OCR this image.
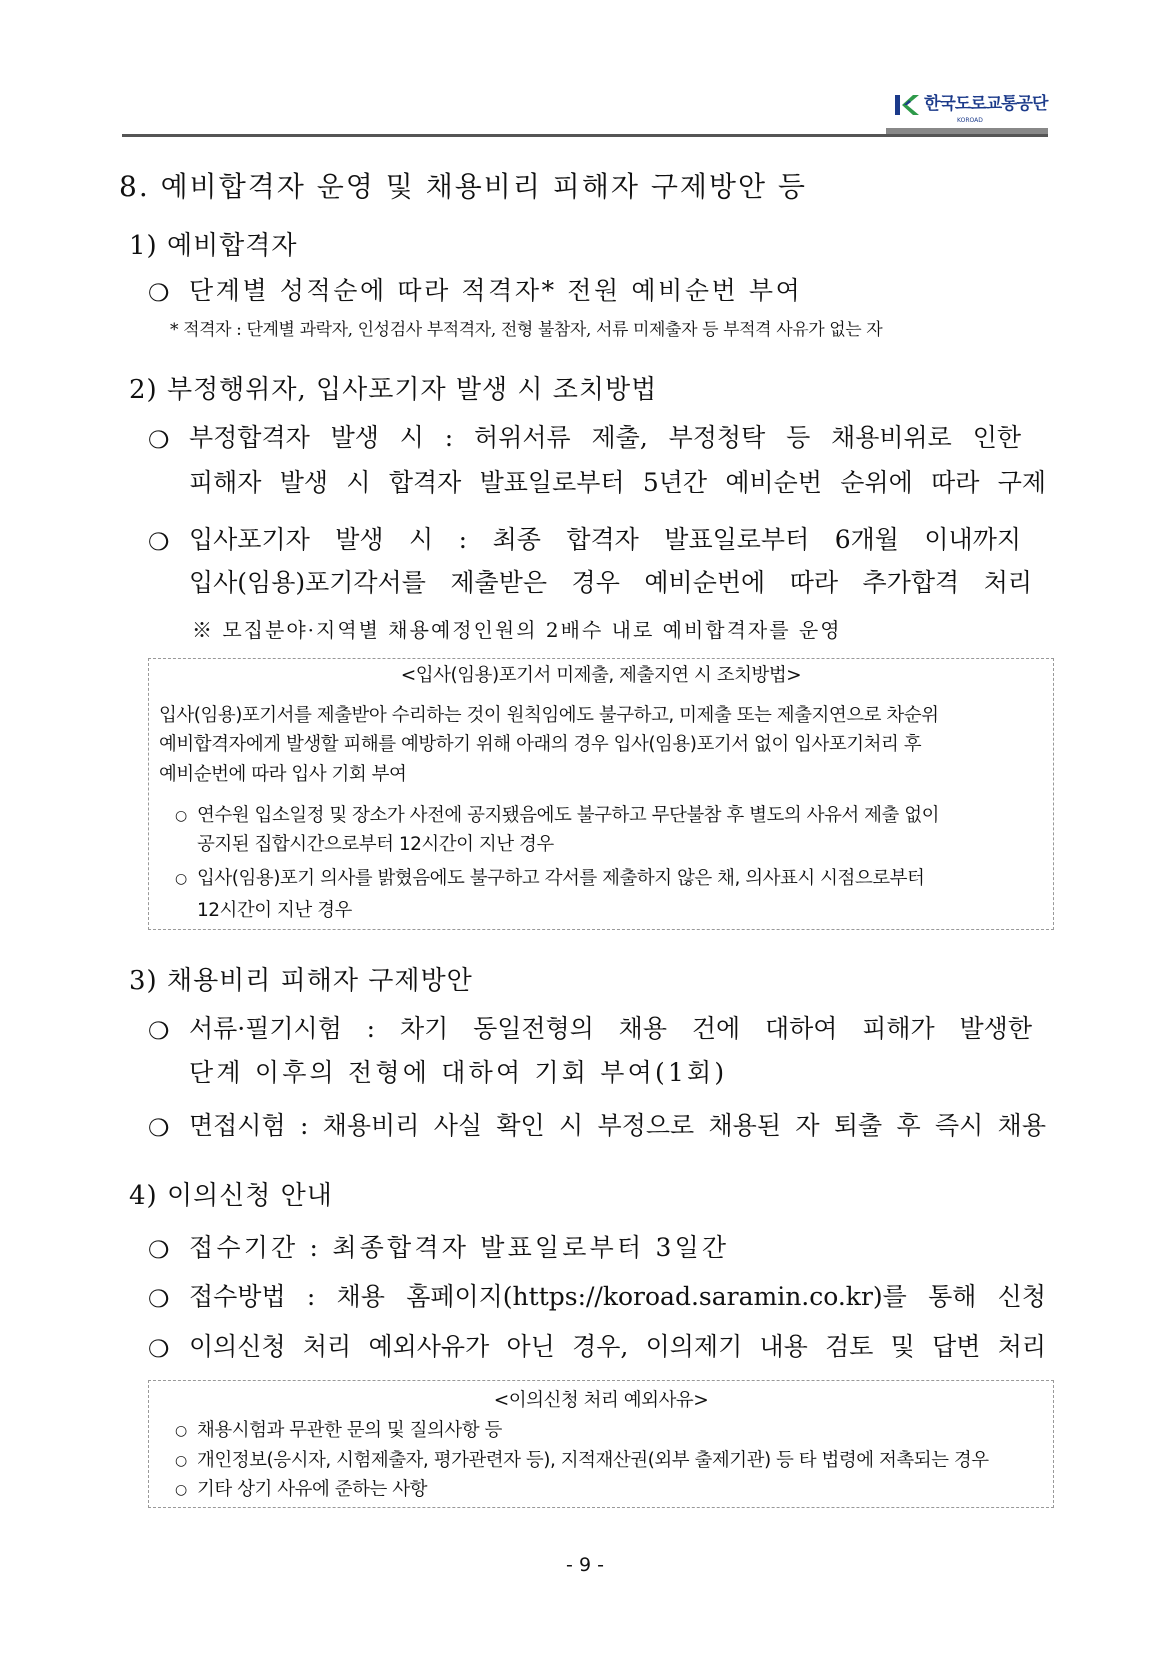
한국도로교통공단
KOROAD
8. 예비합격자 운영 및 채용비리 피해자 구제방안 등
1) 예비합격자
❍ 단계별 성적순에 따라 적격자* 전원 예비순번 부여
* 적격자 : 단계별 과락자, 인성검사 부적격자, 전형 불참자, 서류 미제출자 등 부적격 사유가 없는 자
2) 부정행위자, 입사포기자 발생 시 조치방법
❍ 부정합격자 발생 시 : 허위서류 제출, 부정청탁 등 채용비위로 인한
피해자 발생 시 합격자 발표일로부터 5년간 예비순번 순위에 따라 구제
❍ 입사포기자 발생 시 : 최종 합격자 발표일로부터 6개월 이내까지
입사(임용)포기각서를 제출받은 경우 예비순번에 따라 추가합격 처리
※ 모집분야·지역별 채용예정인원의 2배수 내로 예비합격자를 운영
<입사(임용)포기서 미제출, 제출지연 시 조치방법>
입사(임용)포기서를 제출받아 수리하는 것이 원칙임에도 불구하고, 미제출 또는 제출지연으로 차순위
예비합격자에게 발생할 피해를 예방하기 위해 아래의 경우 입사(임용)포기서 없이 입사포기처리 후
예비순번에 따라 입사 기회 부여
○ 연수원 입소일정 및 장소가 사전에 공지됐음에도 불구하고 무단불참 후 별도의 사유서 제출 없이
공지된 집합시간으로부터 12시간이 지난 경우
○ 입사(임용)포기 의사를 밝혔음에도 불구하고 각서를 제출하지 않은 채, 의사표시 시점으로부터
12시간이 지난 경우
3) 채용비리 피해자 구제방안
❍ 서류·필기시험 : 차기 동일전형의 채용 건에 대하여 피해가 발생한
단계 이후의 전형에 대하여 기회 부여(1회)
❍ 면접시험 : 채용비리 사실 확인 시 부정으로 채용된 자 퇴출 후 즉시 채용
4) 이의신청 안내
❍ 접수기간 : 최종합격자 발표일로부터 3일간
❍ 접수방법 : 채용 홈페이지(https://koroad.saramin.co.kr)를 통해 신청
❍ 이의신청 처리 예외사유가 아닌 경우, 이의제기 내용 검토 및 답변 처리
<이의신청 처리 예외사유>
○ 채용시험과 무관한 문의 및 질의사항 등
○ 개인정보(응시자, 시험제출자, 평가관련자 등), 지적재산권(외부 출제기관) 등 타 법령에 저촉되는 경우
○ 기타 상기 사유에 준하는 사항
- 9 -
